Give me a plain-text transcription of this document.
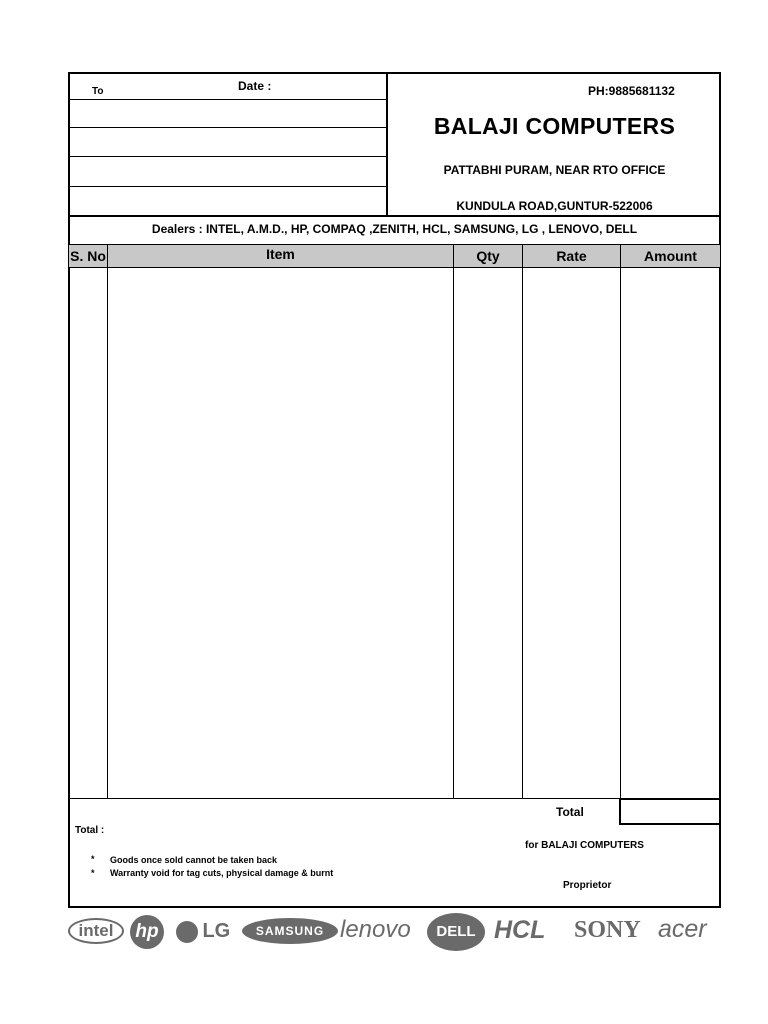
To	Date :	PH:9885681132
BALAJI COMPUTERS
PATTABHI PURAM, NEAR RTO OFFICE
KUNDULA ROAD,GUNTUR-522006
Dealers : INTEL, A.M.D., HP, COMPAQ ,ZENITH, HCL, SAMSUNG, LG , LENOVO, DELL
S. No	Item	Qty	Rate	Amount
Total
Total :
* Goods once sold cannot be taken back
* Warranty void for tag cuts, physical damage & burnt
for BALAJI COMPUTERS
Proprietor
intel	hp	LG	SAMSUNG lenovo	DELL HCL SONY acer
